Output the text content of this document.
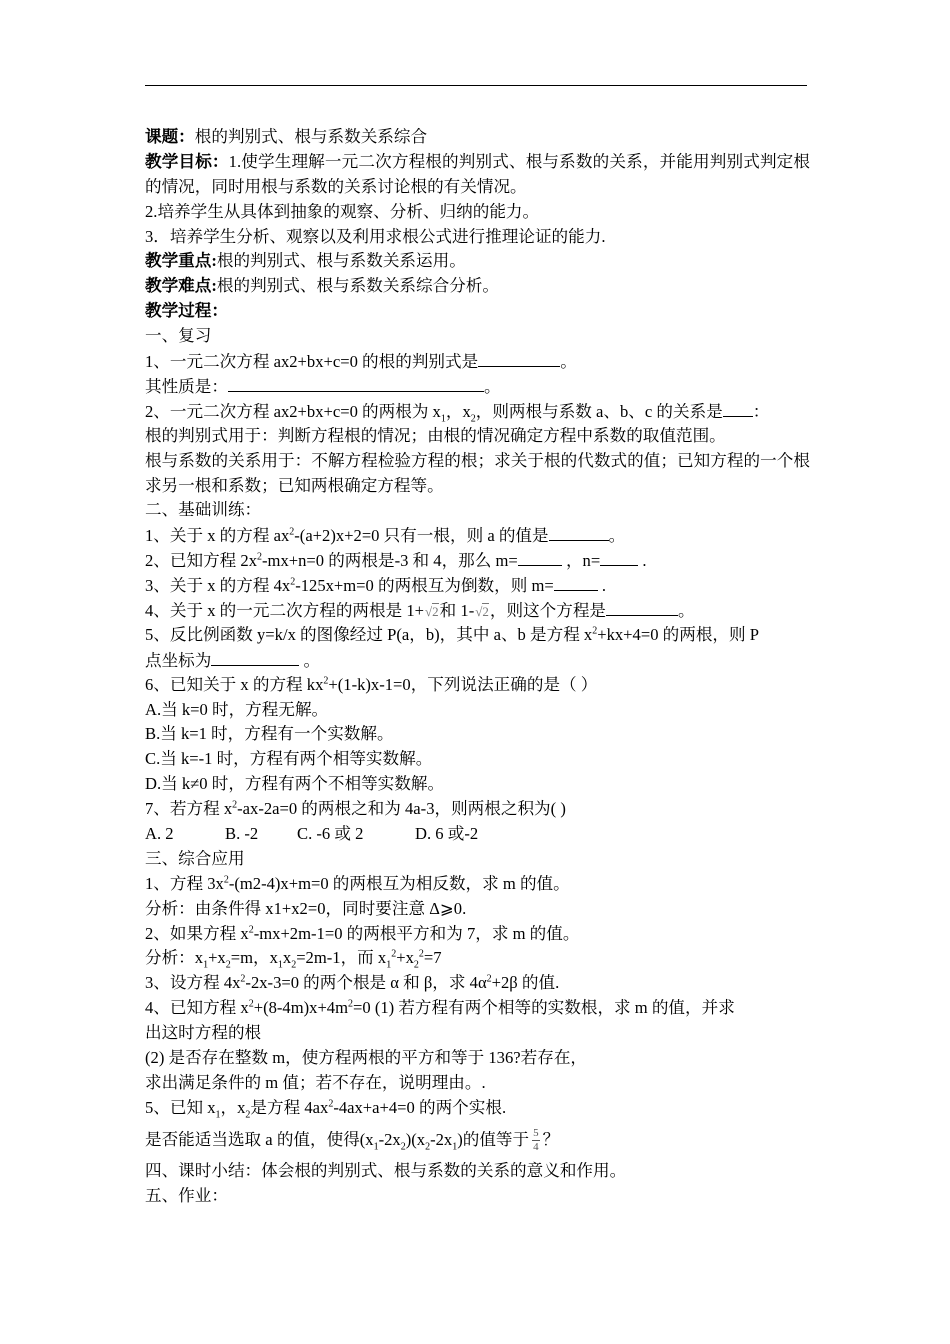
课题：根的判别式、根与系数关系综合
教学目标：1.使学生理解一元二次方程根的判别式、根与系数的关系，并能用判别式判定根的情况，同时用根与系数的关系讨论根的有关情况。
2.培养学生从具体到抽象的观察、分析、归纳的能力。
3．培养学生分析、观察以及利用求根公式进行推理论证的能力.
教学重点:根的判别式、根与系数关系运用。
教学难点:根的判别式、根与系数关系综合分析。
教学过程：
一、复习
1、一元二次方程 ax2+bx+c=0 的根的判别式是	。
其性质是：	。
2、一元二次方程 ax2+bx+c=0 的两根为 $x_1$，$x_2$，则两根与系数 a、b、c 的关系是 ：
根的判别式用于：判断方程根的情况；由根的情况确定方程中系数的取值范围。
根与系数的关系用于：不解方程检验方程的根；求关于根的代数式的值；已知方程的一个根求另一根和系数；已知两根确定方程等。
二、基础训练：
1、关于 x 的方程 $ax^2-(a+2)x+2=0$ 只有一根，则 a 的值是	。
2、已知方程 $2x^2-mx+n=0$ 的两根是-3 和 4，那么 m=	，n=	.
3、关于 x 的方程 $4x^2-125x+m=0$ 的两根互为倒数，则 m=	.
4、关于 x 的一元二次方程的两根是 1+√2和 1-√2，则这个方程是	。
5、反比例函数 y=k/x 的图像经过 P(a，b)，其中 a、b 是方程 $x^2+kx+4=0$ 的两根，则 P
点坐标为	。
6、已知关于 x 的方程 $kx^2+(1-k)x-1=0$，下列说法正确的是（ ）
A.当 k=0 时，方程无解。
B.当 k=1 时，方程有一个实数解。
C.当 k=-1 时，方程有两个相等实数解。
D.当 k≠0 时，方程有两个不相等实数解。
7、若方程 $x^2-ax-2a=0$ 的两根之和为 4a-3，则两根之积为( )
A. 2	B. -2 C. -6 或 2	D. 6 或-2
三、综合应用
1、方程 $3x^2-(m2-4)x+m=0$ 的两根互为相反数，求 m 的值。
分析：由条件得 x1+x2=0，同时要注意 Δ⩾0.
2、如果方程 $x^2-mx+2m-1=0$ 的两根平方和为 7，求 m 的值。
分析：$x_1+x_2=m$，$x_1x_2=2m-1$，而 $x_1^2+x_2^2=7$
3、设方程 $4x^2-2x-3=0$ 的两个根是 α 和 β，求 $4\alpha^2+2\beta$ 的值.
4、已知方程 $x^2+(8-4m)x+4m^2=0$ (1) 若方程有两个相等的实数根，求 m 的值，并求
出这时方程的根
(2) 是否存在整数 m，使方程两根的平方和等于 136?若存在，
求出满足条件的 m 值；若不存在，说明理由。.
5、已知 $x_1$，$x_2$是方程 $4ax^2-4ax+a+4=0$ 的两个实根.
是否能适当选取 a 的值，使得$(x_1-2x_2)(x_2-2x_1)$的值等于 $\frac{5}{4}$ ？
四、课时小结：体会根的判别式、根与系数的关系的意义和作用。
五、作业：
